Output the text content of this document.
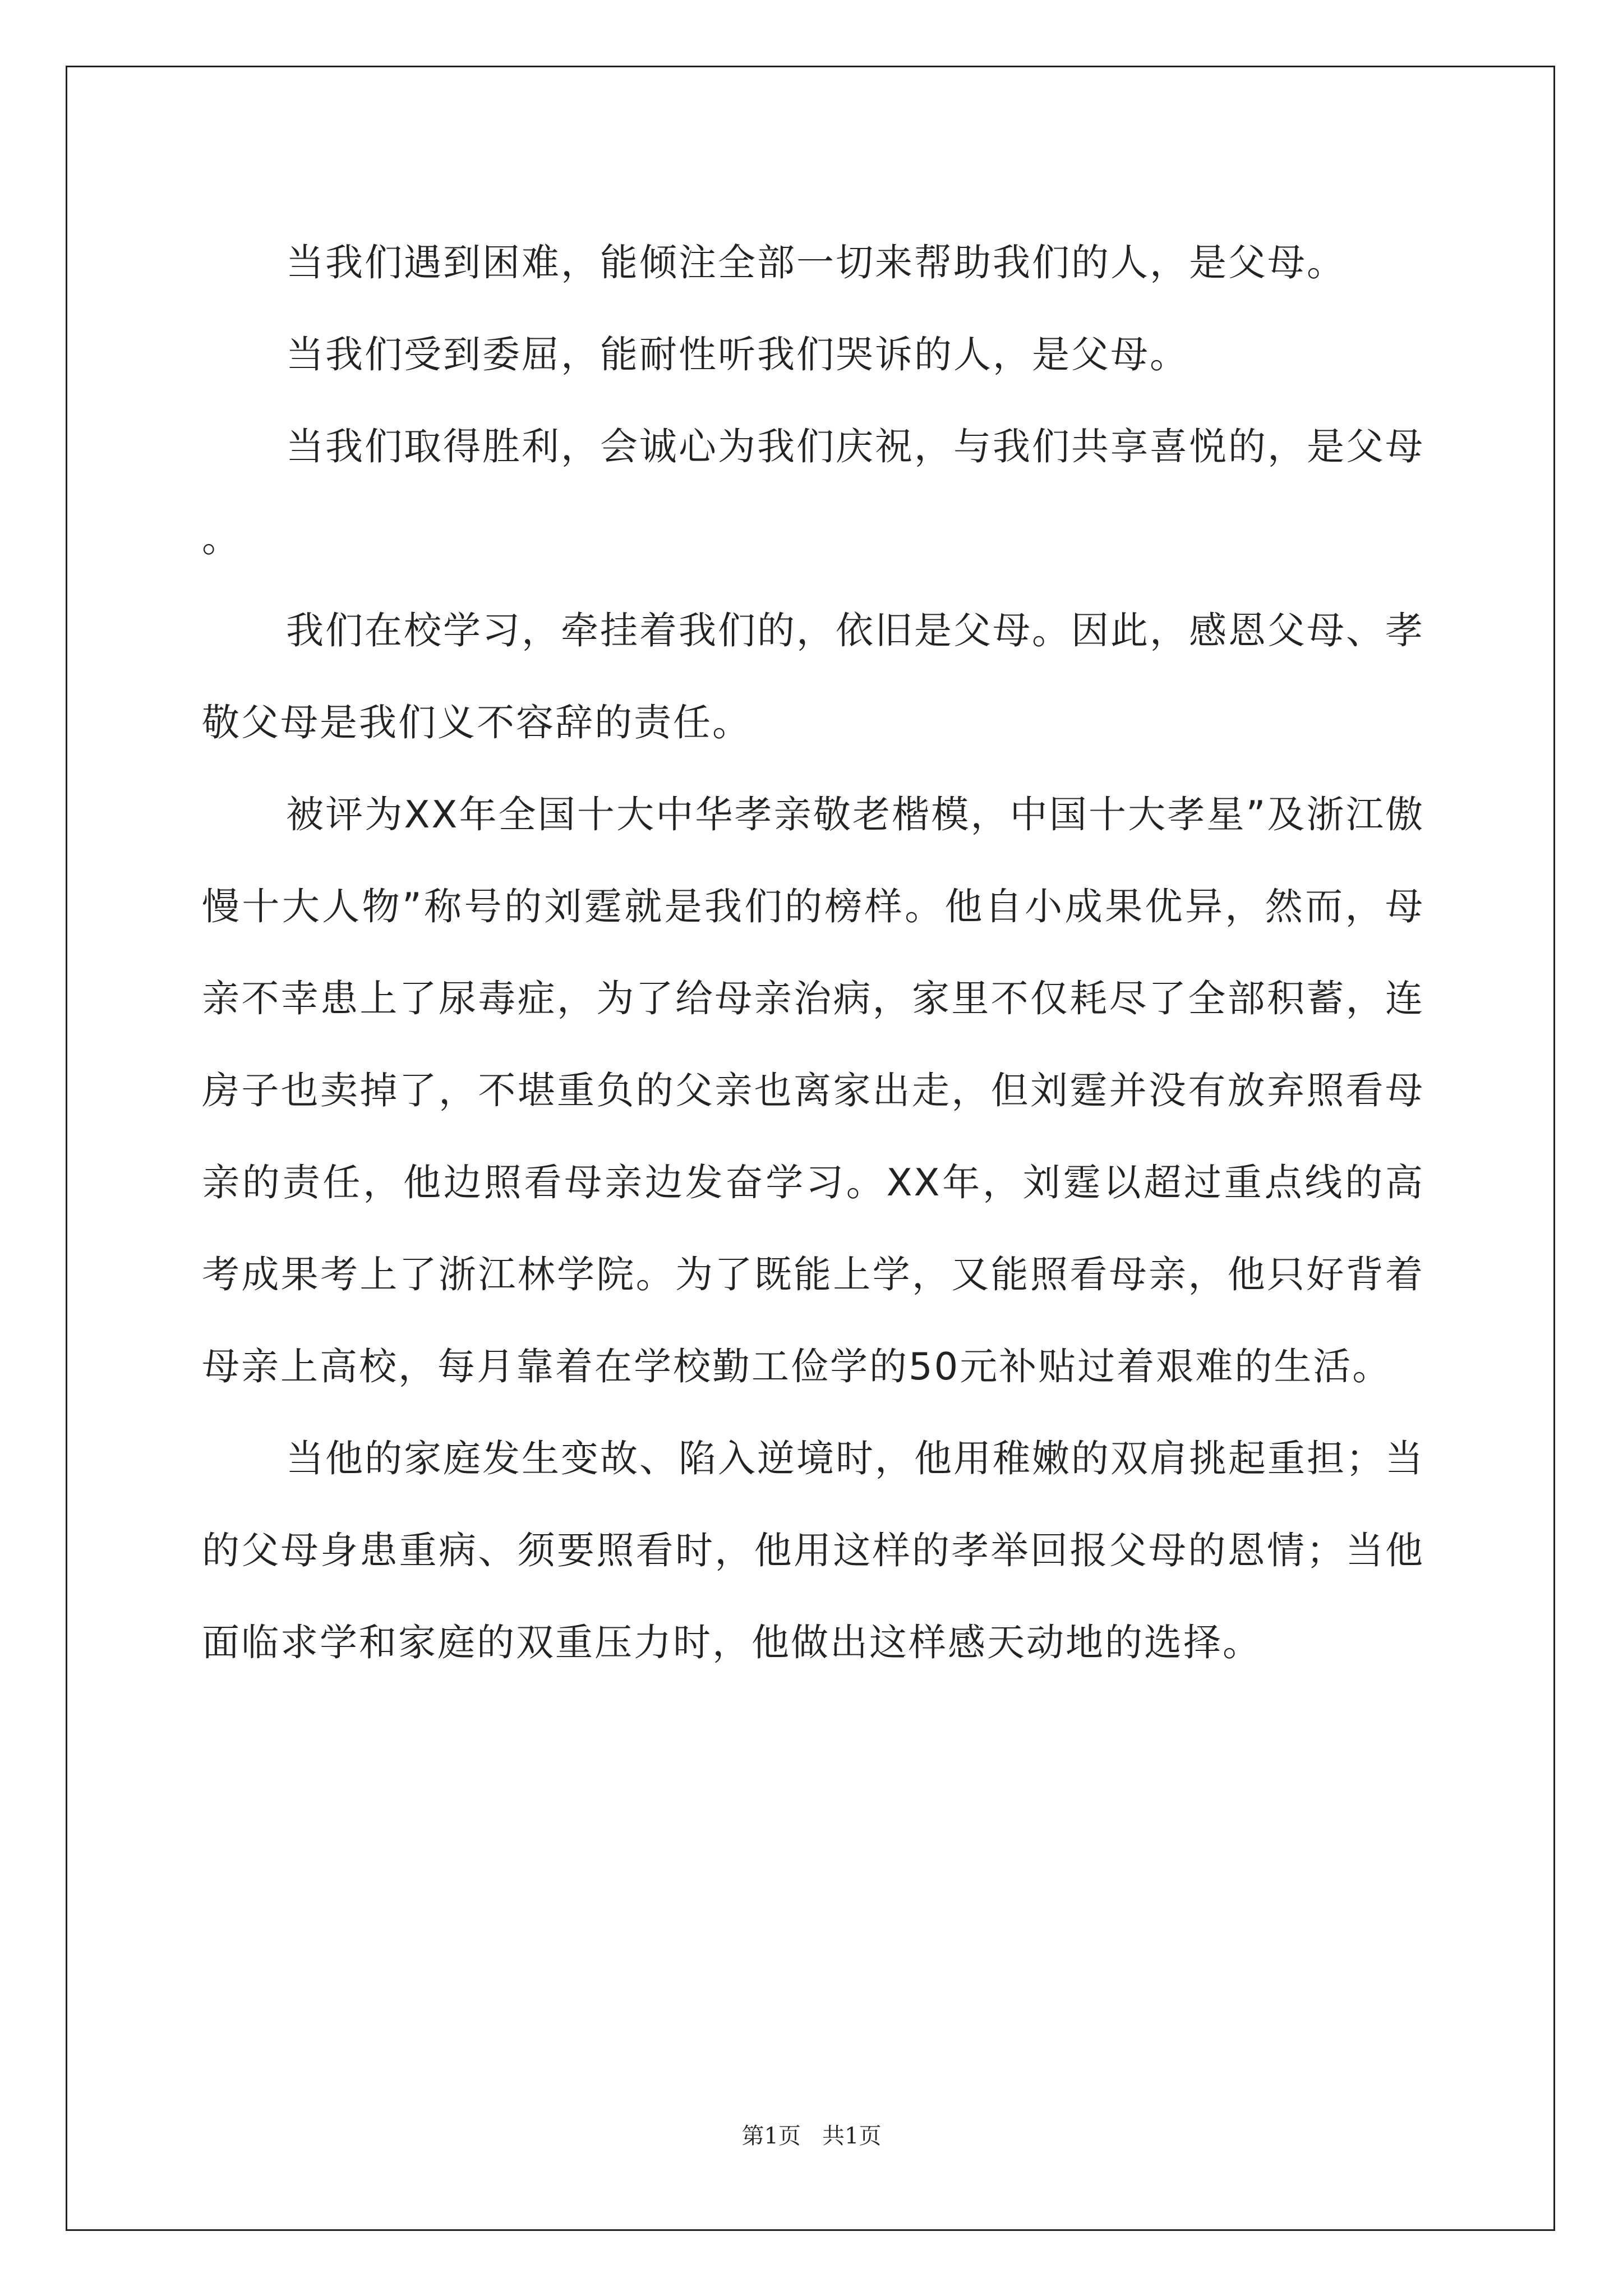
当我们遇到困难，能倾注全部一切来帮助我们的人，是父母。

当我们受到委屈，能耐性听我们哭诉的人，是父母。

当我们取得胜利，会诚心为我们庆祝，与我们共享喜悦的，是父母。

我们在校学习，牵挂着我们的，依旧是父母。因此，感恩父母、孝敬父母是我们义不容辞的责任。

被评为XX年全国十大中华孝亲敬老楷模，中国十大孝星”及浙江傲慢十大人物”称号的刘霆就是我们的榜样。他自小成果优异，然而，母亲不幸患上了尿毒症，为了给母亲治病，家里不仅耗尽了全部积蓄，连房子也卖掉了，不堪重负的父亲也离家出走，但刘霆并没有放弃照看母亲的责任，他边照看母亲边发奋学习。XX年，刘霆以超过重点线的高考成果考上了浙江林学院。为了既能上学，又能照看母亲，他只好背着母亲上高校，每月靠着在学校勤工俭学的50元补贴过着艰难的生活。

当他的家庭发生变故、陷入逆境时，他用稚嫩的双肩挑起重担；当的父母身患重病、须要照看时，他用这样的孝举回报父母的恩情；当他面临求学和家庭的双重压力时，他做出这样感天动地的选择。

第1页   共1页
